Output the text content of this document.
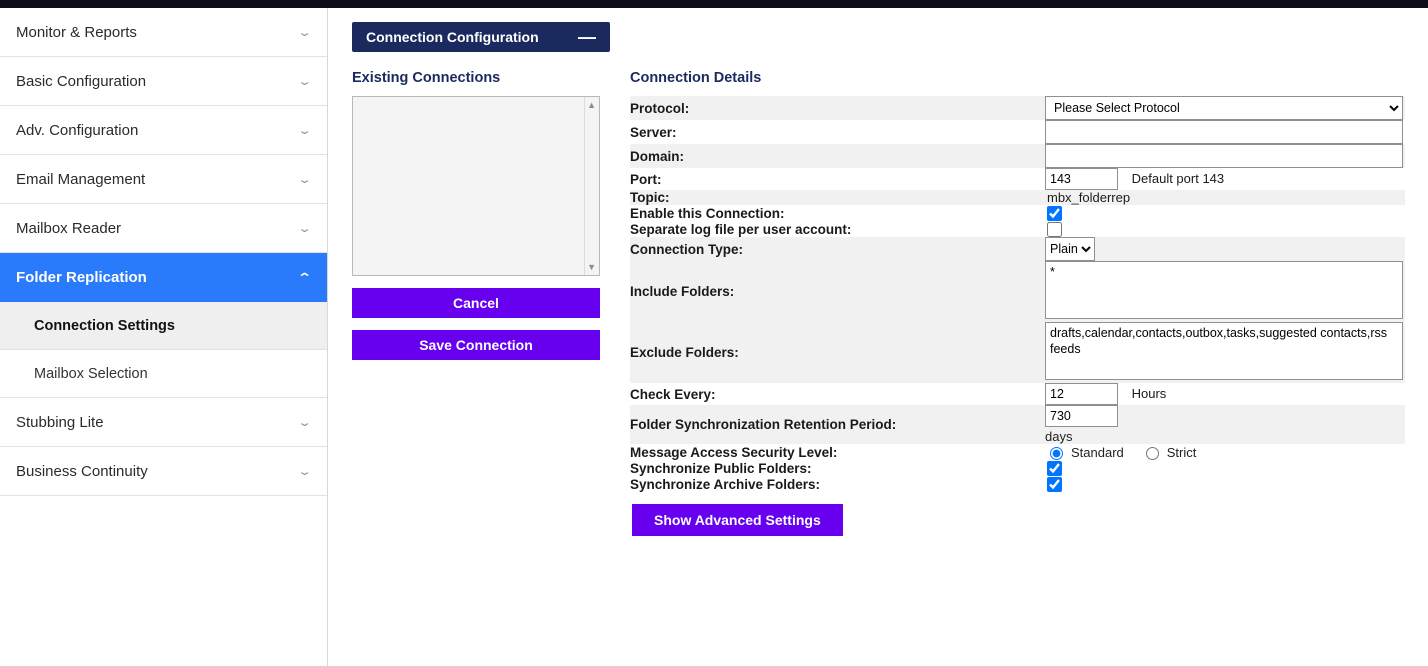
Monitor & Reports	⌄
Basic Configuration	⌄
Adv. Configuration	⌄
Email Management	⌄
Mailbox Reader	⌄
Folder Replication	⌃
Connection Settings
Mailbox Selection
Stubbing Lite	⌄
Business Continuity	⌄
Connection Configuration —
Existing Connections
▲
▼
Cancel
Save Connection
Connection Details
Protocol:	
Please Select Protocol
Server:	
Domain:	
Port:	143Default port 143
Topic:	mbx_folderrep
Enable this Connection:	
Separate log file per user account:	
Connection Type:	
Plain
Include Folders:	*
Exclude Folders:	drafts,calendar,contacts,outbox,tasks,suggested contacts,rss feeds
Check Every:	12Hours
Folder Synchronization Retention Period:	730
days

Message Access Security Level:	Standard Strict

Synchronize Public Folders:	
Synchronize Archive Folders:	
Show Advanced Settings
